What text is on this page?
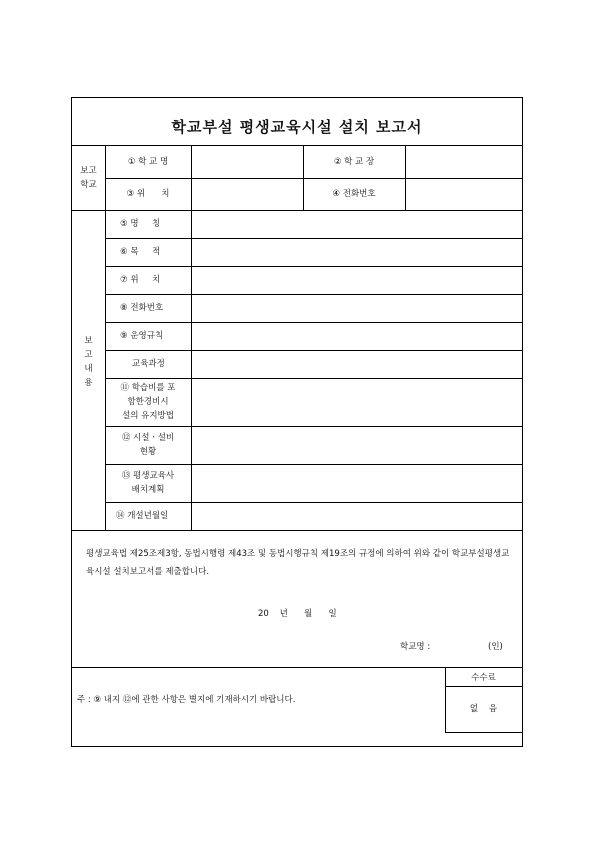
학교부설 평생교육시설 설치 보고서
보고
학교
① 학 교 명	② 학 교 장
③ 위      치	④ 전화번호
보
고
내
용
⑤ 명     칭
⑥ 목     적
⑦ 위     치
⑧ 전화번호
⑨ 운영규칙
교육과정
⑪ 학습비를 포
함한경비시
설의 유지방법
⑫ 시설ㆍ설비
현황
⑬ 평생교육사
배치계획
⑭ 개설년월일
평생교육법 제25조제3항, 동법시행령 제43조 및 동법시행규칙 제19조의 규정에 의하여 위와 같이 학교부설평생교육시설 설치보고서를 제출합니다.
20    년      월      일
학교명 :	(인)
주 : ⑨ 내지 ⑫에 관한 사항은 별지에 기재하시기 바랍니다.
수수료
없    음
